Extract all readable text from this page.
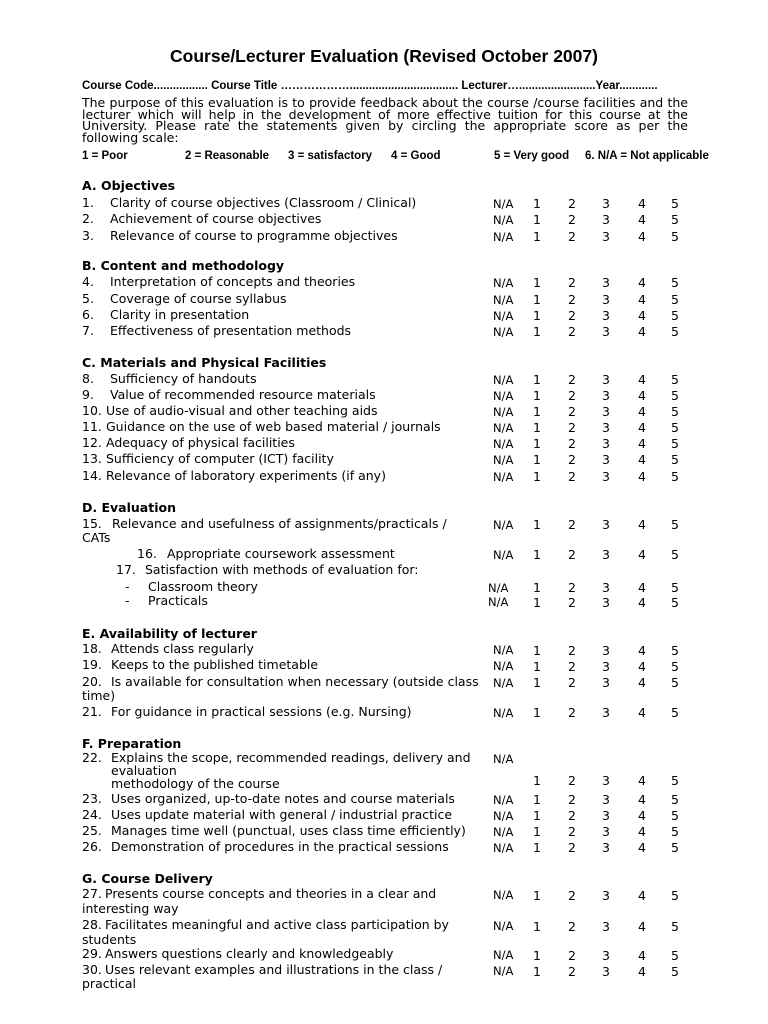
Course/Lecturer Evaluation (Revised October 2007)
Course Code................. Course Title ……………….................................. Lecturer…........................Year............
The purpose of this evaluation is to provide feedback about the course /course facilities and the lecturer which will help in the development of more effective tuition for this course at the University. Please rate the statements given by circling the appropriate score as per the following scale:
1 = Poor	2 = Reasonable 3 = satisfactory 4 = Good	5 = Very good 6. N/A = Not applicable
A. Objectives
1. Clarity of course objectives (Classroom / Clinical)	N/A 1 2 3 4 5
2. Achievement of course objectives	N/A 1 2 3 4 5
3. Relevance of course to programme objectives	N/A 1 2 3 4 5
B. Content and methodology
4. Interpretation of concepts and theories	N/A 1 2 3 4 5
5. Coverage of course syllabus	N/A 1 2 3 4 5
6. Clarity in presentation	N/A 1 2 3 4 5
7. Effectiveness of presentation methods	N/A 1 2 3 4 5
C. Materials and Physical Facilities
8. Sufficiency of handouts	N/A 1 2 3 4 5
9. Value of recommended resource materials	N/A 1 2 3 4 5
10. Use of audio-visual and other teaching aids	N/A 1 2 3 4 5
11. Guidance on the use of web based material / journals	N/A 1 2 3 4 5
12. Adequacy of physical facilities	N/A 1 2 3 4 5
13. Sufficiency of computer (ICT) facility	N/A 1 2 3 4 5
14. Relevance of laboratory experiments (if any)	N/A 1 2 3 4 5
D. Evaluation
15. Relevance and usefulness of assignments/practicals /
CATs
N/A 1 2 3 4 5
16. Appropriate coursework assessment	N/A 1 2 3 4 5
17. Satisfaction with methods of evaluation for:
- Classroom theory	N/A 1 2 3 4 5
- Practicals	N/A 1 2 3 4 5
E. Availability of lecturer
18. Attends class regularly	N/A 1 2 3 4 5
19. Keeps to the published timetable	N/A 1 2 3 4 5
20. Is available for consultation when necessary (outside class
time)
N/A 1 2 3 4 5
21. For guidance in practical sessions (e.g. Nursing)	N/A 1 2 3 4 5
F. Preparation
22. Explains the scope, recommended readings, delivery and
evaluation
methodology of the course
N/A
1 2 3 4 5
23. Uses organized, up-to-date notes and course materials	N/A 1 2 3 4 5
24. Uses update material with general / industrial practice	N/A 1 2 3 4 5
25. Manages time well (punctual, uses class time efficiently) N/A 1 2 3 4 5
26. Demonstration of procedures in the practical sessions	N/A 1 2 3 4 5
G. Course Delivery
27. Presents course concepts and theories in a clear and
interesting way
N/A 1 2 3 4 5
28. Facilitates meaningful and active class participation by
students
N/A 1 2 3 4 5
29. Answers questions clearly and knowledgeably	N/A 1 2 3 4 5
30. Uses relevant examples and illustrations in the class /
practical
N/A 1 2 3 4 5
